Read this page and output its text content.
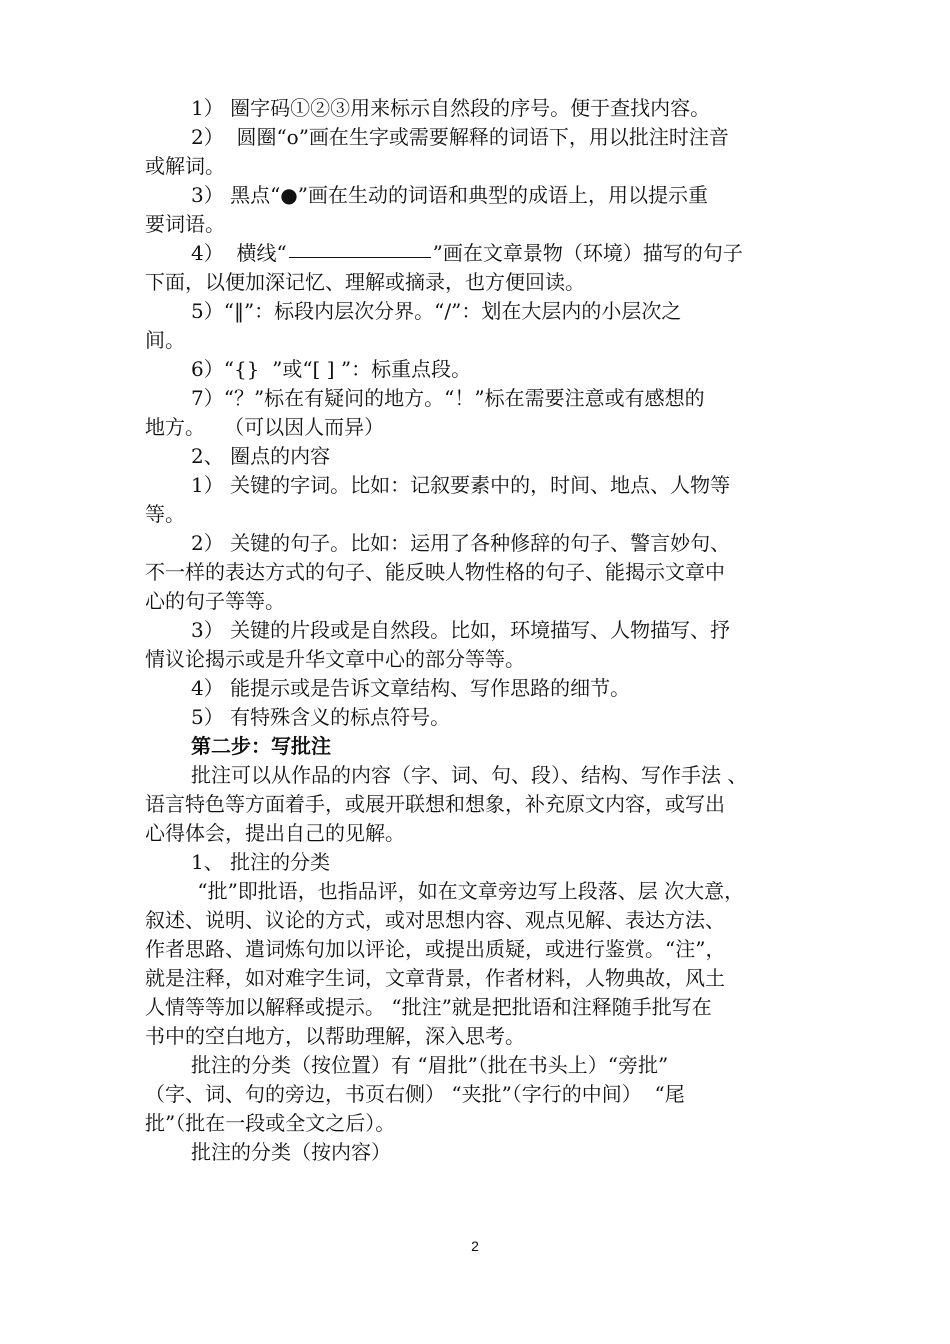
1） 圈字码①②③用来标示自然段的序号。便于查找内容。
2）  圆圈“o”画在生字或需要解释的词语下，用以批注时注音
或解词。
3） 黑点“●”画在生动的词语和典型的成语上，用以提示重
要词语。
4）  横线“	”画在文章景物（环境）描写的句子
下面，以便加深记忆、理解或摘录，也方便回读。
5）“‖”：标段内层次分界。“/”：划在大层内的小层次之
间。
6）“{}  ”或“[ ] ”：标重点段。
7）“？”标在有疑问的地方。“！”标在需要注意或有感想的
地方。   （可以因人而异）
2、 圈点的内容
1） 关键的字词。比如：记叙要素中的，时间、地点、人物等
等。
2） 关键的句子。比如：运用了各种修辞的句子、警言妙句、
不一样的表达方式的句子、能反映人物性格的句子、能揭示文章中
心的句子等等。
3） 关键的片段或是自然段。比如，环境描写、人物描写、抒
情议论揭示或是升华文章中心的部分等等。
4） 能提示或是告诉文章结构、写作思路的细节。
5） 有特殊含义的标点符号。
第二步：写批注
批注可以从作品的内容（字、词、句、段）、结构、写作手法 、
语言特色等方面着手，或展开联想和想象，补充原文内容，或写出
心得体会，提出自己的见解。
1、 批注的分类
“批”即批语，也指品评，如在文章旁边写上段落、层 次大意，
叙述、说明、议论的方式，或对思想内容、观点见解、表达方法、
作者思路、遣词炼句加以评论，或提出质疑，或进行鉴赏。“注”，
就是注释，如对难字生词，文章背景，作者材料，人物典故，风土
人情等等加以解释或提示。 “批注”就是把批语和注释随手批写在
书中的空白地方，以帮助理解，深入思考。
批注的分类（按位置）有 “眉批”（批在书头上）“旁批”
（字、词、句的旁边，书页右侧） “夹批”（字行的中间）  “尾
批”（批在一段或全文之后）。
批注的分类（按内容）
2
